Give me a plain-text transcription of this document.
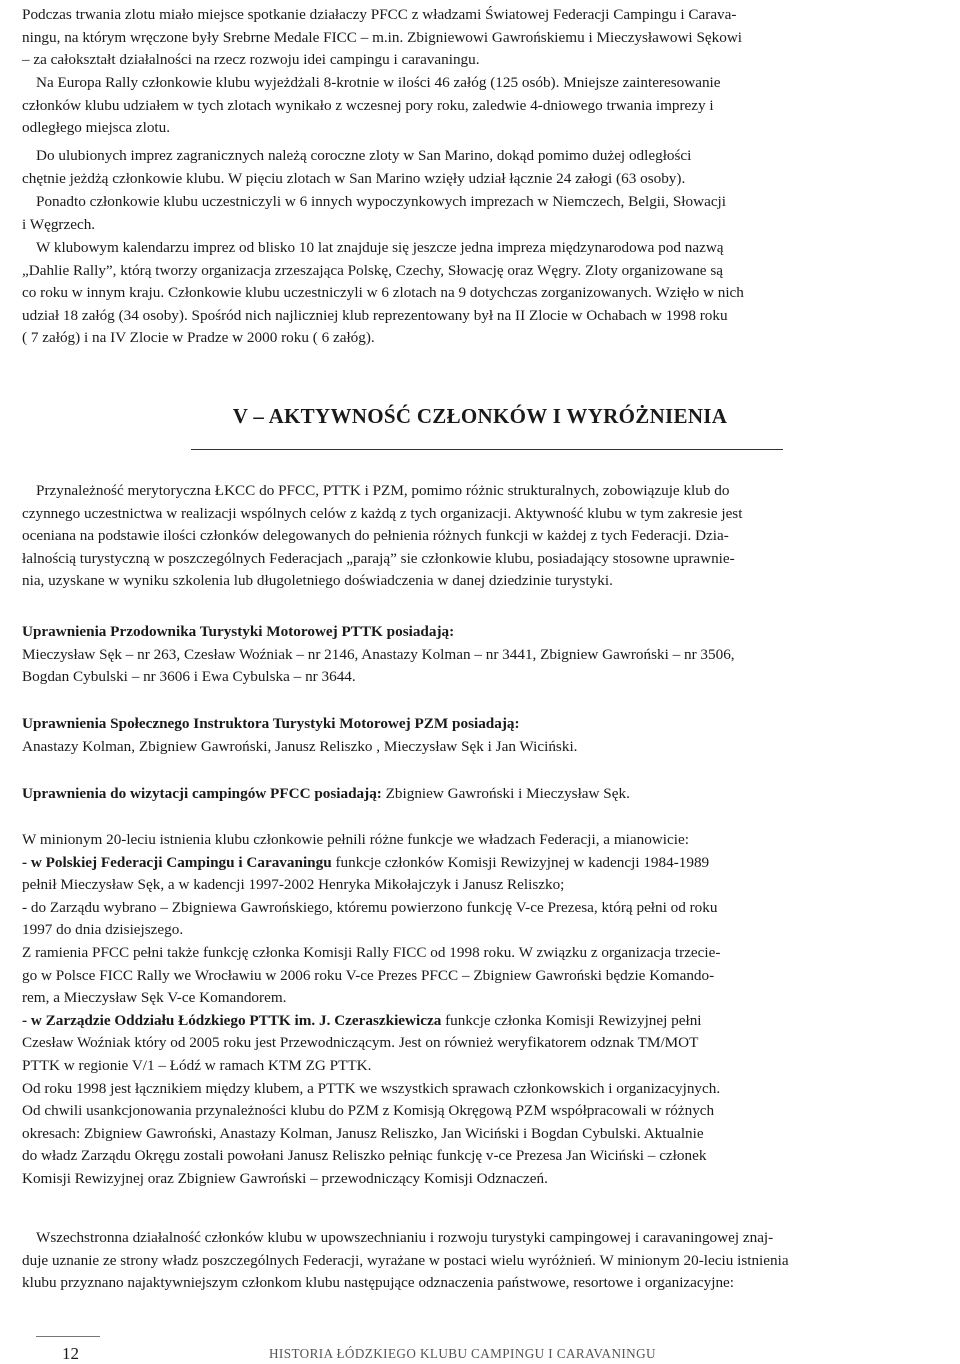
Podczas trwania zlotu miało miejsce spotkanie działaczy PFCC z władzami Światowej Federacji Campingu i Carava-
ningu, na którym wręczone były Srebrne Medale FICC – m.in. Zbigniewowi Gawrońskiemu i Mieczysławowi Sękowi
– za całokształt działalności na rzecz rozwoju idei campingu i caravaningu.

Na Europa Rally członkowie klubu wyjeżdżali 8-krotnie w ilości 46 załóg (125 osób). Mniejsze zainteresowanie
członków klubu udziałem w tych zlotach wynikało z wczesnej pory roku, zaledwie 4-dniowego trwania imprezy i
odległego miejsca zlotu.

Do ulubionych imprez zagranicznych należą coroczne zloty w San Marino, dokąd pomimo dużej odległości
chętnie jeżdżą członkowie klubu. W pięciu zlotach w San Marino wzięły udział łącznie 24 załogi (63 osoby).

Ponadto członkowie klubu uczestniczyli w 6 innych wypoczynkowych imprezach w Niemczech, Belgii, Słowacji
i Węgrzech.

W klubowym kalendarzu imprez od blisko 10 lat znajduje się jeszcze jedna impreza międzynarodowa pod nazwą
„Dahlie Rally”, którą tworzy organizacja zrzeszająca Polskę, Czechy, Słowację oraz Węgry. Zloty organizowane są
co roku w innym kraju. Członkowie klubu uczestniczyli w 6 zlotach na 9 dotychczas zorganizowanych. Wzięło w nich
udział 18 załóg (34 osoby). Spośród nich najliczniej klub reprezentowany był na II Zlocie w Ochabach w 1998 roku
( 7 załóg) i na IV Zlocie w Pradze w 2000 roku ( 6 załóg).

V – AKTYWNOŚĆ CZŁONKÓW I WYRÓŻNIENIA

Przynależność merytoryczna ŁKCC do PFCC, PTTK i PZM, pomimo różnic strukturalnych, zobowiązuje klub do
czynnego uczestnictwa w realizacji wspólnych celów z każdą z tych organizacji. Aktywność klubu w tym zakresie jest
oceniana na podstawie ilości członków delegowanych do pełnienia różnych funkcji w każdej z tych Federacji. Dzia-
łalnością turystyczną w poszczególnych Federacjach „parają” sie członkowie klubu, posiadający stosowne uprawnie-
nia, uzyskane w wyniku szkolenia lub długoletniego doświadczenia w danej dziedzinie turystyki.

Uprawnienia Przodownika Turystyki Motorowej PTTK posiadają:
Mieczysław Sęk – nr 263, Czesław Woźniak – nr 2146, Anastazy Kolman – nr 3441, Zbigniew Gawroński – nr 3506,
Bogdan Cybulski – nr 3606 i Ewa Cybulska – nr 3644.

Uprawnienia Społecznego Instruktora Turystyki Motorowej PZM posiadają:
Anastazy Kolman, Zbigniew Gawroński, Janusz Reliszko , Mieczysław Sęk i Jan Wiciński.

Uprawnienia do wizytacji campingów PFCC posiadają: Zbigniew Gawroński i Mieczysław Sęk.

W minionym 20-leciu istnienia klubu członkowie pełnili różne funkcje we władzach Federacji, a mianowicie:
- w Polskiej Federacji Campingu i Caravaningu funkcje członków Komisji Rewizyjnej w kadencji 1984-1989
pełnił Mieczysław Sęk, a w kadencji 1997-2002 Henryka Mikołajczyk i Janusz Reliszko;
- do Zarządu wybrano – Zbigniewa Gawrońskiego, któremu powierzono funkcję V-ce Prezesa, którą pełni od roku
1997 do dnia dzisiejszego.
Z ramienia PFCC pełni także funkcję członka Komisji Rally FICC od 1998 roku. W związku z organizacja trzecie-
go w Polsce FICC Rally we Wrocławiu w 2006 roku V-ce Prezes PFCC – Zbigniew Gawroński będzie Komando-
rem, a Mieczysław Sęk V-ce Komandorem.
- w Zarządzie Oddziału Łódzkiego PTTK im. J. Czeraszkiewicza funkcje członka Komisji Rewizyjnej pełni
Czesław Woźniak który od 2005 roku jest Przewodniczącym. Jest on również weryfikatorem odznak TM/MOT
PTTK w regionie V/1 – Łódź w ramach KTM ZG PTTK.
Od roku 1998 jest łącznikiem między klubem, a PTTK we wszystkich sprawach członkowskich i organizacyjnych.
Od chwili usankcjonowania przynależności klubu do PZM z Komisją Okręgową PZM współpracowali w różnych
okresach: Zbigniew Gawroński, Anastazy Kolman, Janusz Reliszko, Jan Wiciński i Bogdan Cybulski. Aktualnie
do władz Zarządu Okręgu zostali powołani Janusz Reliszko pełniąc funkcję v-ce Prezesa Jan Wiciński – członek
Komisji Rewizyjnej oraz Zbigniew Gawroński – przewodniczący Komisji Odznaczeń.

Wszechstronna działalność członków klubu w upowszechnianiu i rozwoju turystyki campingowej i caravaningowej znaj-
duje uznanie ze strony władz poszczególnych Federacji, wyrażane w postaci wielu wyróżnień. W minionym 20-leciu istnienia
klubu przyznano najaktywniejszym członkom klubu następujące odznaczenia państwowe, resortowe i organizacyjne:

12	HISTORIA ŁÓDZKIEGO KLUBU CAMPINGU I CARAVANINGU
